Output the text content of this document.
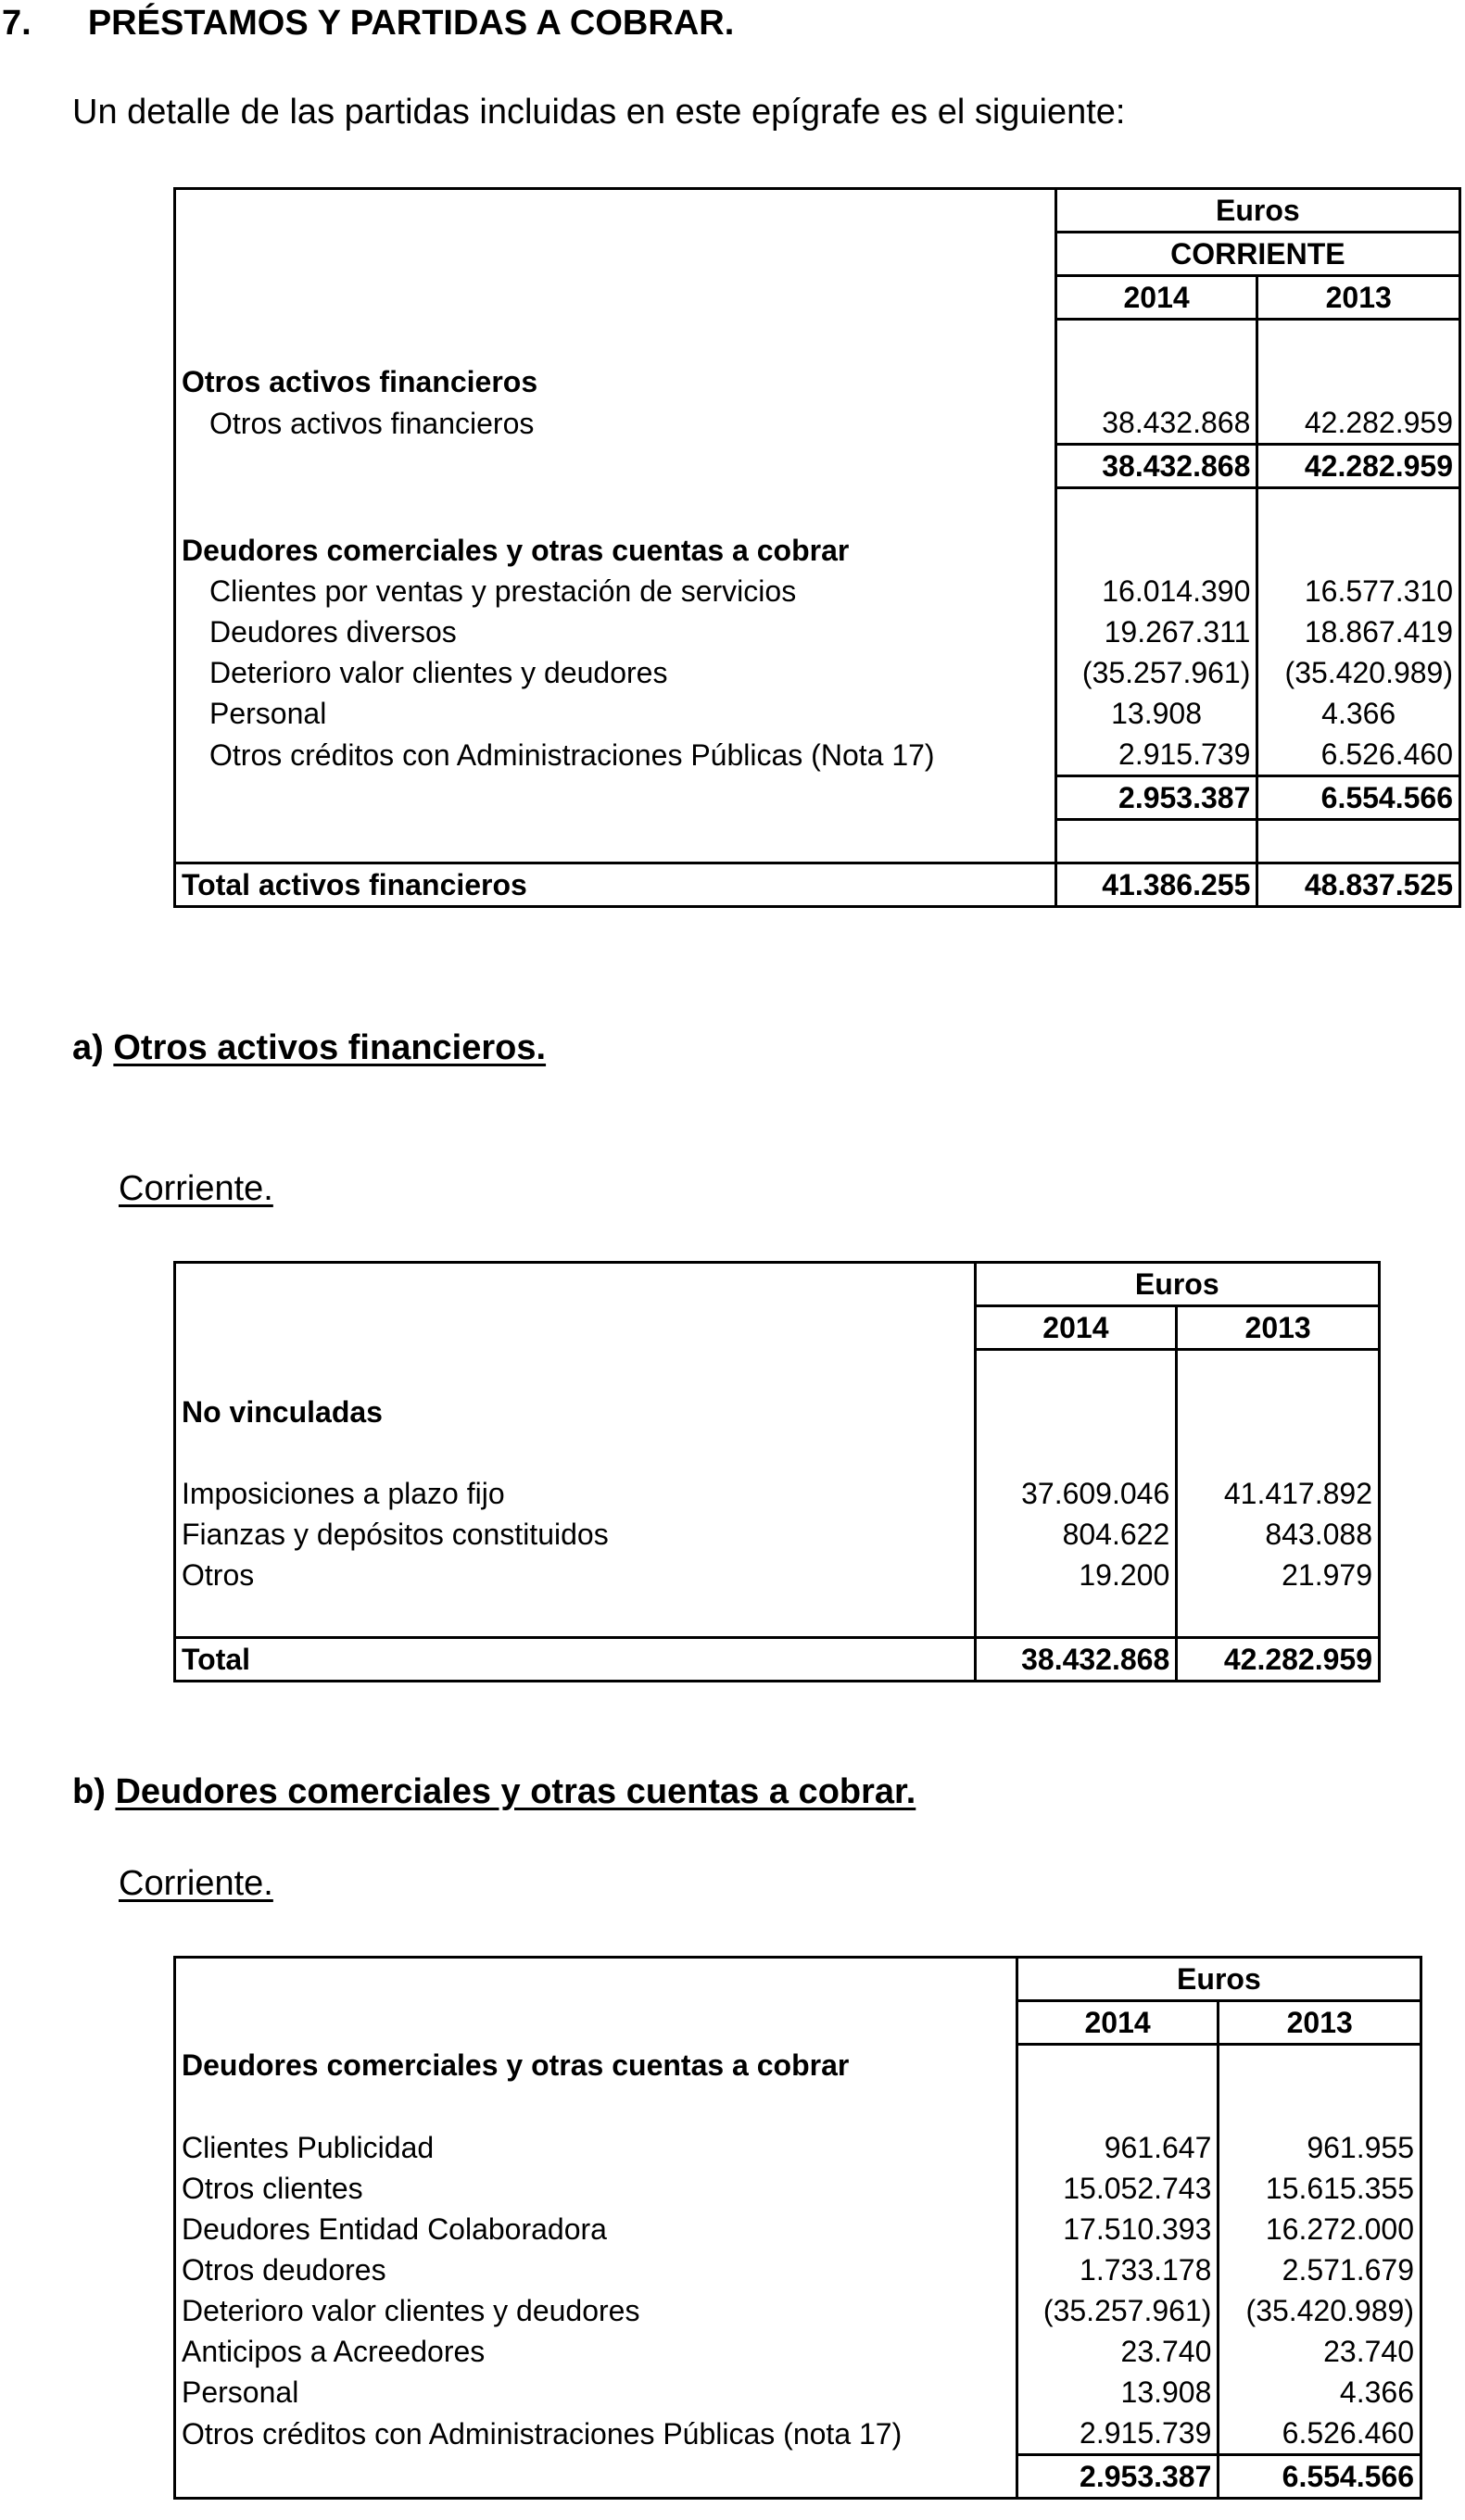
7. PRÉSTAMOS Y PARTIDAS A COBRAR.
Un detalle de las partidas incluidas en este epígrafe es el siguiente:
	Euros	
	CORRIENTE	
	2014	2013

Otros activos financieros		
Otros activos financieros	38.432.868	42.282.959
	38.432.868	42.282.959

Deudores comerciales y otras cuentas a cobrar		
Clientes por ventas y prestación de servicios	16.014.390	16.577.310
Deudores diversos	19.267.311	18.867.419
Deterioro valor clientes y deudores	(35.257.961)	(35.420.989)
Personal	13.908	4.366
Otros créditos con Administraciones Públicas (Nota 17)	2.915.739	6.526.460
	2.953.387	6.554.566

Total activos financieros	41.386.255	48.837.525
a) Otros activos financieros.
Corriente.
	Euros	
	2014	2013

No vinculadas		

Imposiciones a plazo fijo	37.609.046	41.417.892
Fianzas y depósitos constituidos	804.622	843.088
Otros	19.200	21.979

Total	38.432.868	42.282.959
b) Deudores comerciales y otras cuentas a cobrar.
Corriente.
	Euros	
	2014	2013
Deudores comerciales y otras cuentas a cobrar		

Clientes Publicidad	961.647	961.955
Otros clientes	15.052.743	15.615.355
Deudores Entidad Colaboradora	17.510.393	16.272.000
Otros deudores	1.733.178	2.571.679
Deterioro valor clientes y deudores	(35.257.961)	(35.420.989)
Anticipos a Acreedores	23.740	23.740
Personal	13.908	4.366
Otros créditos con Administraciones Públicas (nota 17)	2.915.739	6.526.460
	2.953.387	6.554.566
